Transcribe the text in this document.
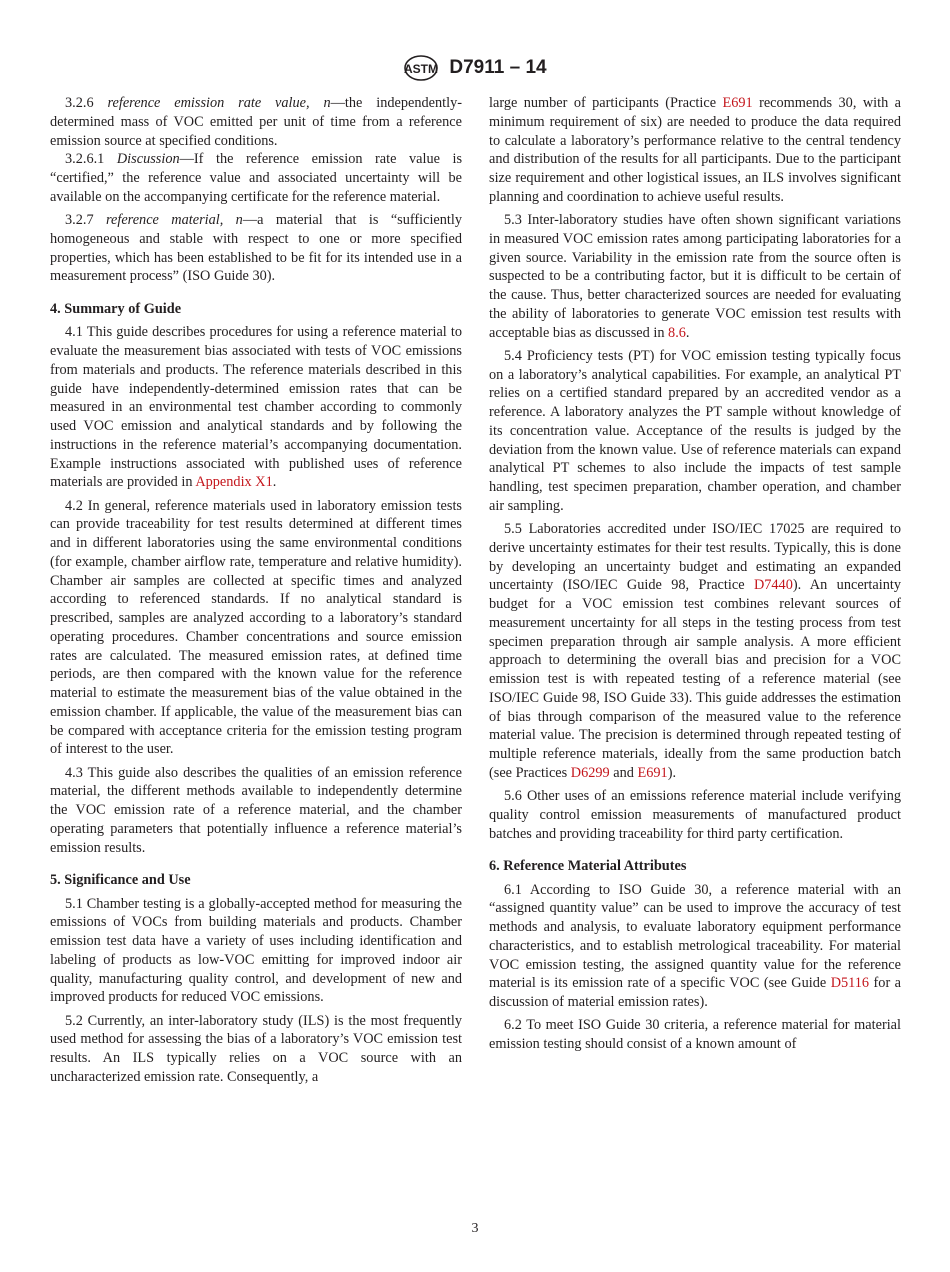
ASTM D7911 – 14

3.2.6 reference emission rate value, n—the independently-determined mass of VOC emitted per unit of time from a reference emission source at specified conditions.

3.2.6.1 Discussion—If the reference emission rate value is “certified,” the reference value and associated uncertainty will be available on the accompanying certificate for the reference material.

3.2.7 reference material, n—a material that is “sufficiently homogeneous and stable with respect to one or more specified properties, which has been established to be fit for its intended use in a measurement process” (ISO Guide 30).

4. Summary of Guide

4.1 This guide describes procedures for using a reference material to evaluate the measurement bias associated with tests of VOC emissions from materials and products. The reference materials described in this guide have independently-determined emission rates that can be measured in an environmental test chamber according to commonly used VOC emission and analytical standards and by following the instructions in the reference material’s accompanying documentation. Example instructions associated with published uses of reference materials are provided in Appendix X1.

4.2 In general, reference materials used in laboratory emission tests can provide traceability for test results determined at different times and in different laboratories using the same environmental conditions (for example, chamber airflow rate, temperature and relative humidity). Chamber air samples are collected at specific times and analyzed according to referenced standards. If no analytical standard is prescribed, samples are analyzed according to a laboratory’s standard operating procedures. Chamber concentrations and source emission rates are calculated. The measured emission rates, at defined time periods, are then compared with the known value for the reference material to estimate the measurement bias of the value obtained in the emission chamber. If applicable, the value of the measurement bias can be compared with acceptance criteria for the emission testing program of interest to the user.

4.3 This guide also describes the qualities of an emission reference material, the different methods available to independently determine the VOC emission rate of a reference material, and the chamber operating parameters that potentially influence a reference material’s emission results.

5. Significance and Use

5.1 Chamber testing is a globally-accepted method for measuring the emissions of VOCs from building materials and products. Chamber emission test data have a variety of uses including identification and labeling of products as low-VOC emitting for improved indoor air quality, manufacturing quality control, and development of new and improved products for reduced VOC emissions.

5.2 Currently, an inter-laboratory study (ILS) is the most frequently used method for assessing the bias of a laboratory’s VOC emission test results. An ILS typically relies on a VOC source with an uncharacterized emission rate. Consequently, a

large number of participants (Practice E691 recommends 30, with a minimum requirement of six) are needed to produce the data required to calculate a laboratory’s performance relative to the central tendency and distribution of the results for all participants. Due to the participant size requirement and other logistical issues, an ILS involves significant planning and coordination to achieve useful results.

5.3 Inter-laboratory studies have often shown significant variations in measured VOC emission rates among participating laboratories for a given source. Variability in the emission rate from the source often is suspected to be a contributing factor, but it is difficult to be certain of the cause. Thus, better characterized sources are needed for evaluating the ability of laboratories to generate VOC emission test results with acceptable bias as discussed in 8.6.

5.4 Proficiency tests (PT) for VOC emission testing typically focus on a laboratory’s analytical capabilities. For example, an analytical PT relies on a certified standard prepared by an accredited vendor as a reference. A laboratory analyzes the PT sample without knowledge of its concentration value. Acceptance of the results is judged by the deviation from the known value. Use of reference materials can expand analytical PT schemes to also include the impacts of test sample handling, test specimen preparation, chamber operation, and chamber air sampling.

5.5 Laboratories accredited under ISO/IEC 17025 are required to derive uncertainty estimates for their test results. Typically, this is done by developing an uncertainty budget and estimating an expanded uncertainty (ISO/IEC Guide 98, Practice D7440). An uncertainty budget for a VOC emission test combines relevant sources of measurement uncertainty for all steps in the testing process from test specimen preparation through air sample analysis. A more efficient approach to determining the overall bias and precision for a VOC emission test is with repeated testing of a reference material (see ISO/IEC Guide 98, ISO Guide 33). This guide addresses the estimation of bias through comparison of the measured value to the reference material value. The precision is determined through repeated testing of multiple reference materials, ideally from the same production batch (see Practices D6299 and E691).

5.6 Other uses of an emissions reference material include verifying quality control emission measurements of manufactured product batches and providing traceability for third party certification.

6. Reference Material Attributes

6.1 According to ISO Guide 30, a reference material with an “assigned quantity value” can be used to improve the accuracy of test methods and analysis, to evaluate laboratory equipment performance characteristics, and to establish metrological traceability. For material VOC emission testing, the assigned quantity value for the reference material is its emission rate of a specific VOC (see Guide D5116 for a discussion of material emission rates).

6.2 To meet ISO Guide 30 criteria, a reference material for material emission testing should consist of a known amount of

3
